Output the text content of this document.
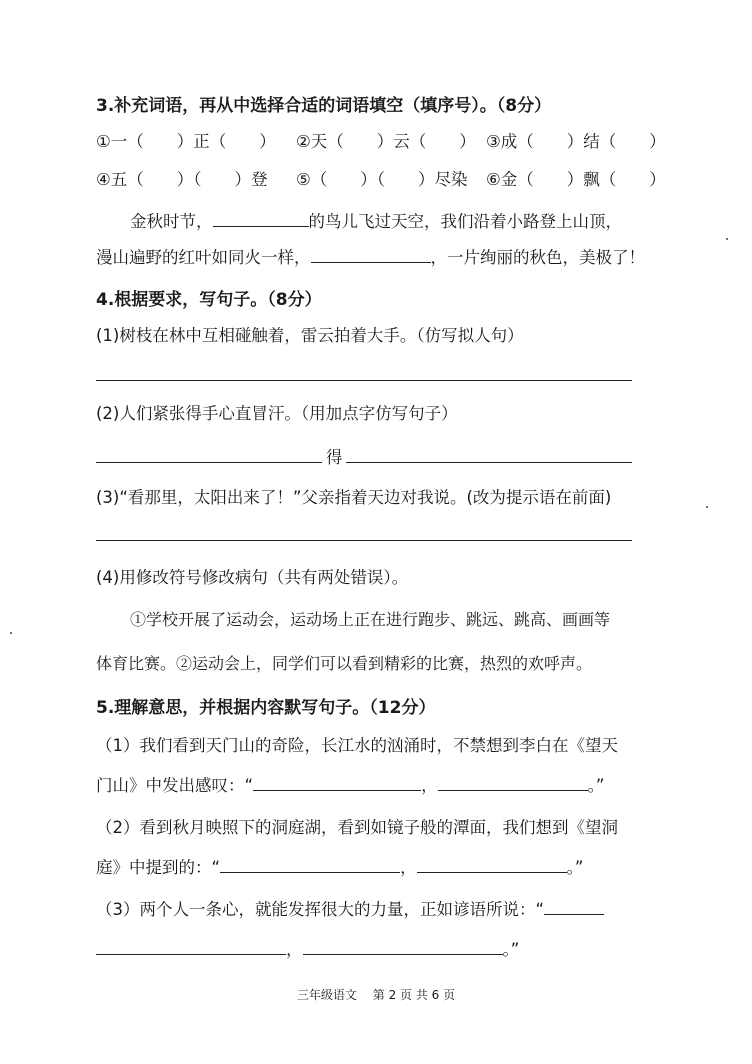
3.补充词语，再从中选择合适的词语填空（填序号）。（8分）
①一（　　）正（　　） ②天（　　）云（　　） ③成（　　）结（　　）
④五（　　）（　　）登 ⑤（　　）（　　）尽染 ⑥金（　　）飘（　　）
金秋时节，	的鸟儿飞过天空，我们沿着小路登上山顶，
漫山遍野的红叶如同火一样，	，一片绚丽的秋色，美极了！
4.根据要求，写句子。（8分）
(1)树枝在林中互相碰触着，雷云拍着大手。（仿写拟人句）
(2)人们紧张得手心直冒汗。（用加点字仿写句子）
得
(3)“看那里，太阳出来了！”父亲指着天边对我说。(改为提示语在前面)
(4)用修改符号修改病句（共有两处错误）。
①学校开展了运动会，运动场上正在进行跑步、跳远、跳高、画画等
体育比赛。②运动会上，同学们可以看到精彩的比赛，热烈的欢呼声。
5.理解意思，并根据内容默写句子。（12分）
（1）我们看到天门山的奇险，长江水的汹涌时，不禁想到李白在《望天
门山》中发出感叹：“	，	。”
（2）看到秋月映照下的洞庭湖，看到如镜子般的潭面，我们想到《望洞
庭》中提到的：“	，	。”
（3）两个人一条心，就能发挥很大的力量，正如谚语所说：“
，	。”
三年级语文 第 2 页 共 6 页
